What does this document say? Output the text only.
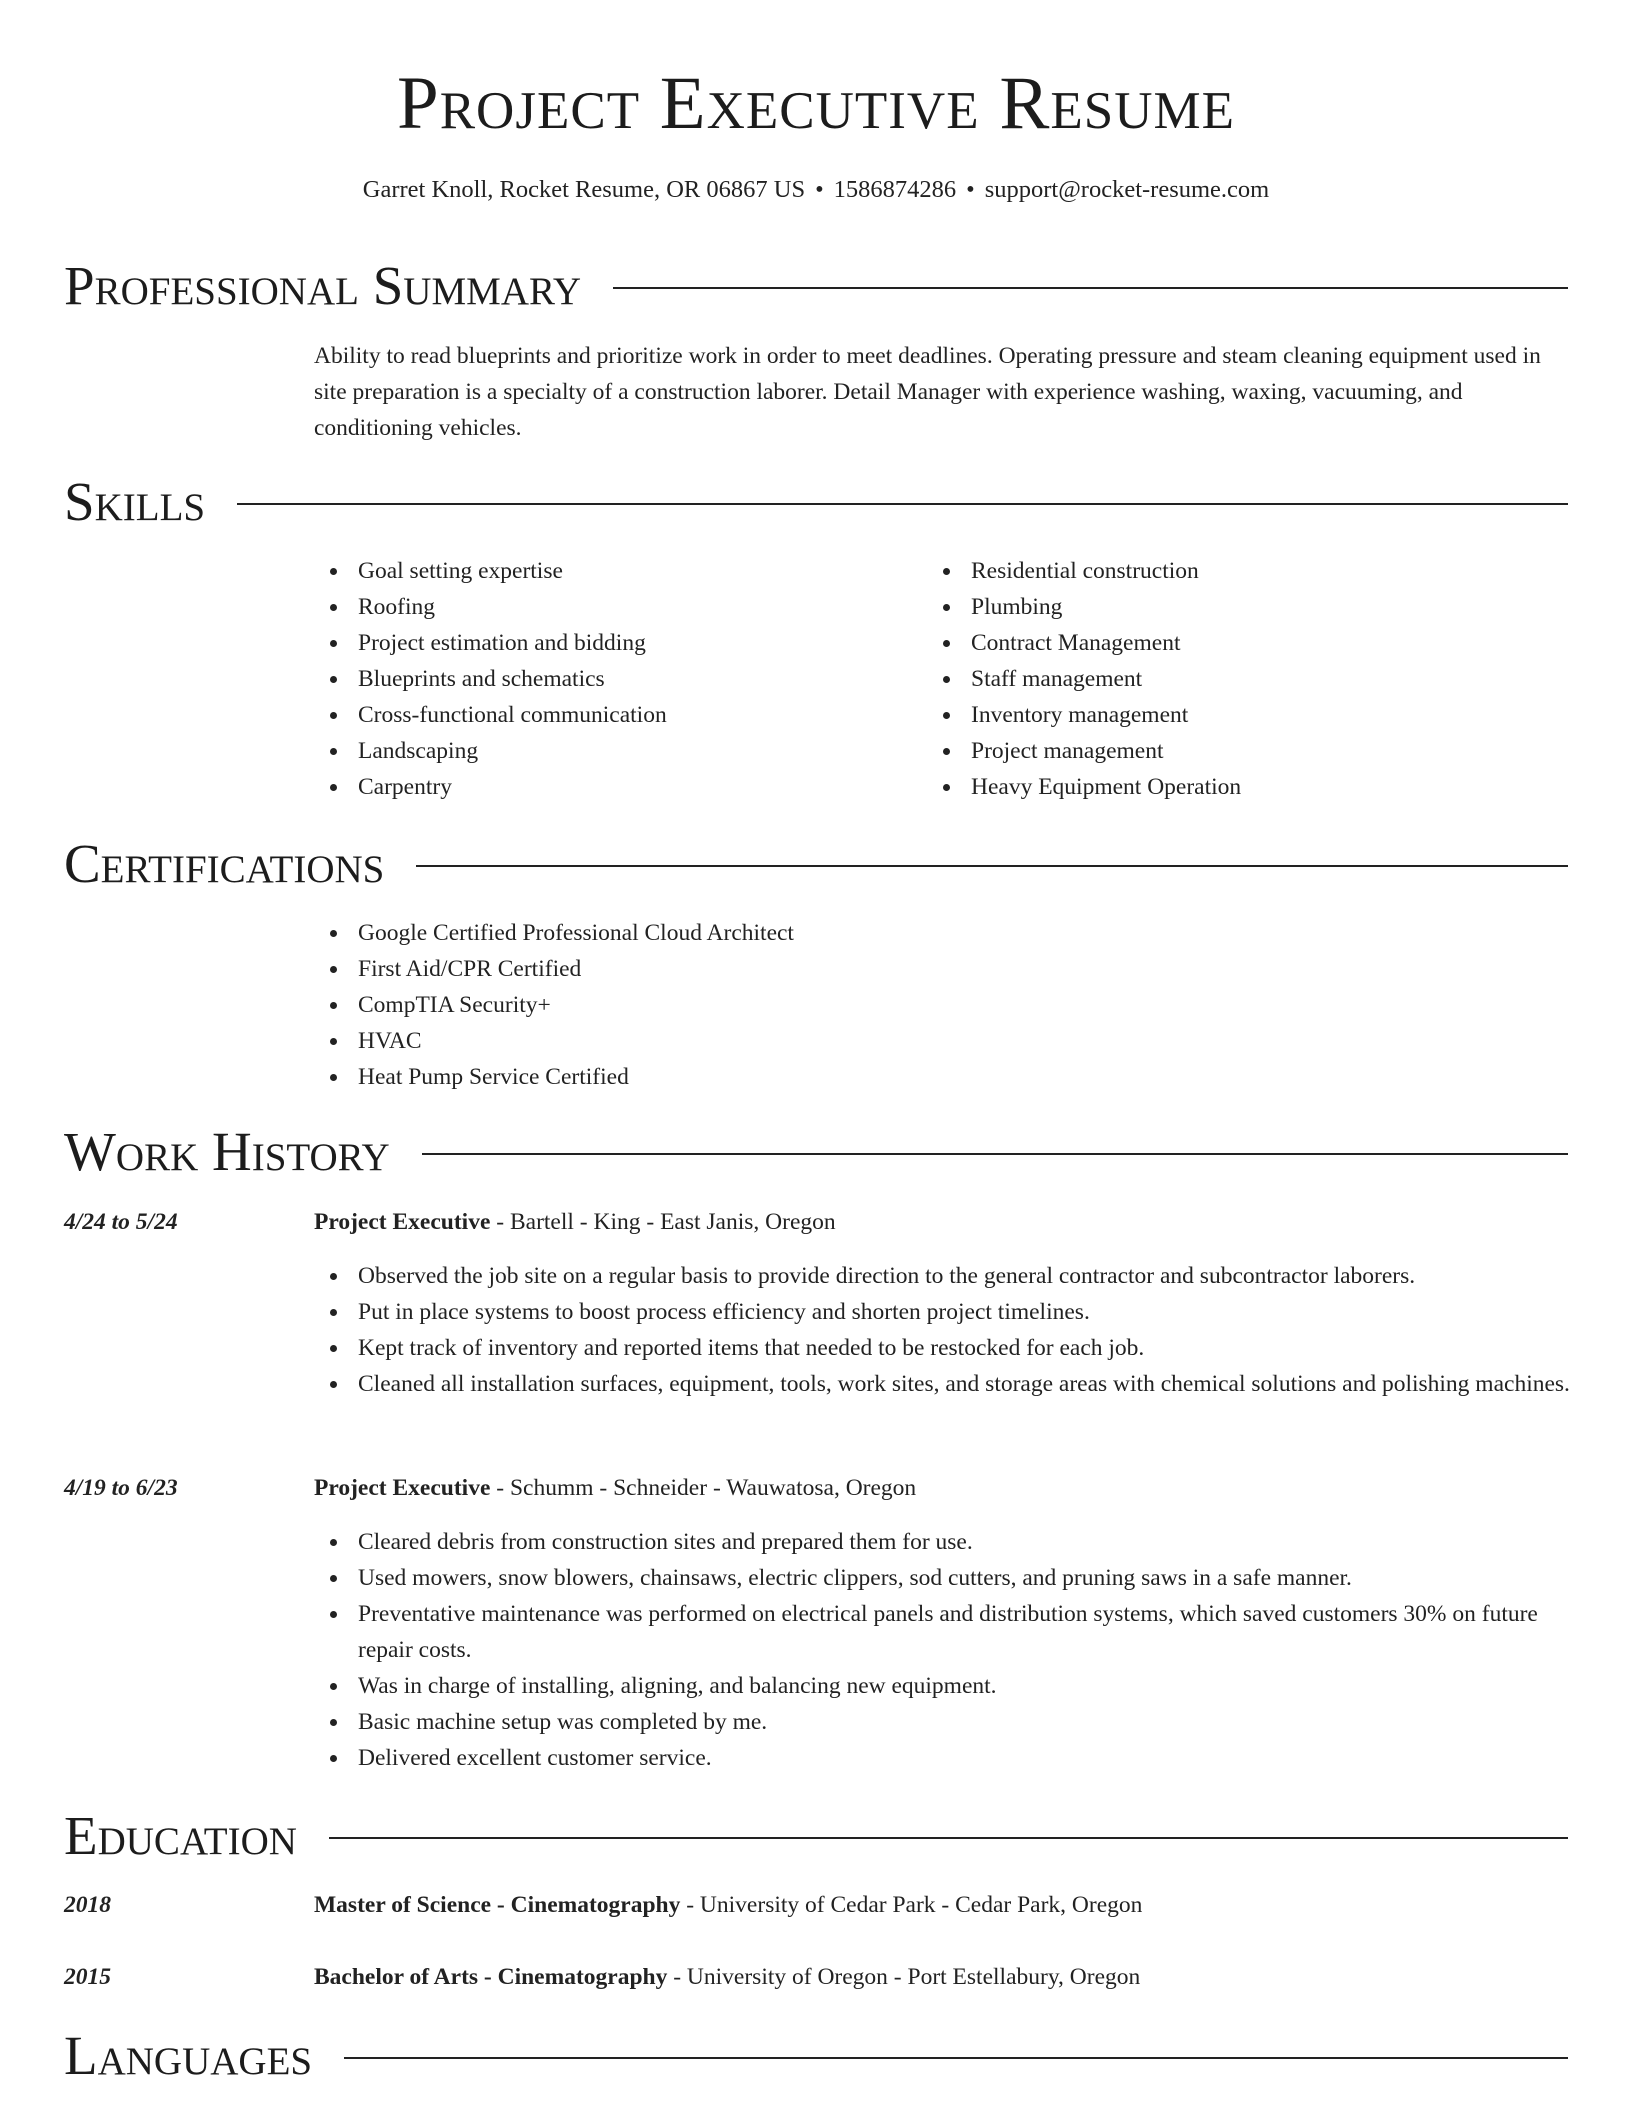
Project Executive Resume
Garret Knoll, Rocket Resume, OR 06867 US • 1586874286 • support@rocket-resume.com
Professional Summary
Ability to read blueprints and prioritize work in order to meet deadlines. Operating pressure and steam cleaning equipment used in site preparation is a specialty of a construction laborer. Detail Manager with experience washing, waxing, vacuuming, and conditioning vehicles.
Skills
Goal setting expertise
Roofing
Project estimation and bidding
Blueprints and schematics
Cross-functional communication
Landscaping
Carpentry
Residential construction
Plumbing
Contract Management
Staff management
Inventory management
Project management
Heavy Equipment Operation
Certifications
Google Certified Professional Cloud Architect
First Aid/CPR Certified
CompTIA Security+
HVAC
Heat Pump Service Certified
Work History
4/24 to 5/24	Project Executive - Bartell - King - East Janis, Oregon
Observed the job site on a regular basis to provide direction to the general contractor and subcontractor laborers.
Put in place systems to boost process efficiency and shorten project timelines.
Kept track of inventory and reported items that needed to be restocked for each job.
Cleaned all installation surfaces, equipment, tools, work sites, and storage areas with chemical solutions and polishing machines.
4/19 to 6/23	Project Executive - Schumm - Schneider - Wauwatosa, Oregon
Cleared debris from construction sites and prepared them for use.
Used mowers, snow blowers, chainsaws, electric clippers, sod cutters, and pruning saws in a safe manner.
Preventative maintenance was performed on electrical panels and distribution systems, which saved customers 30% on future repair costs.
Was in charge of installing, aligning, and balancing new equipment.
Basic machine setup was completed by me.
Delivered excellent customer service.
Education
2018	Master of Science - Cinematography - University of Cedar Park - Cedar Park, Oregon
2015	Bachelor of Arts - Cinematography - University of Oregon - Port Estellabury, Oregon
Languages
